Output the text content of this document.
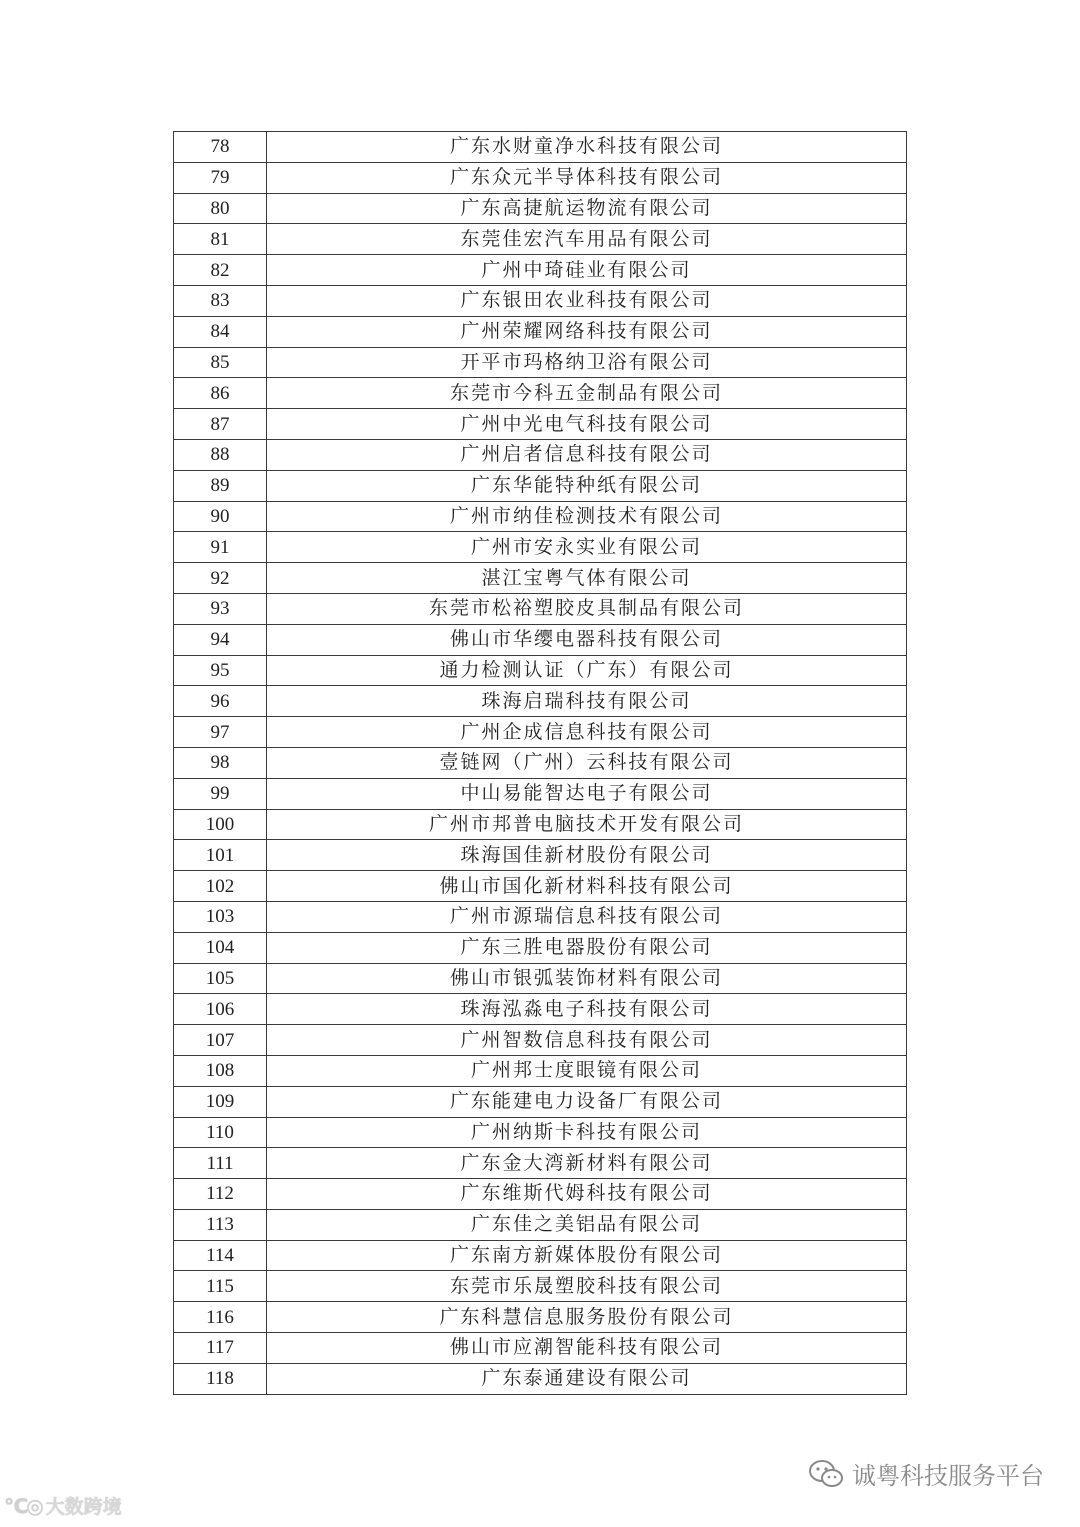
78	广东水财童净水科技有限公司
79	广东众元半导体科技有限公司
80	广东高捷航运物流有限公司
81	东莞佳宏汽车用品有限公司
82	广州中琦硅业有限公司
83	广东银田农业科技有限公司
84	广州荣耀网络科技有限公司
85	开平市玛格纳卫浴有限公司
86	东莞市今科五金制品有限公司
87	广州中光电气科技有限公司
88	广州启者信息科技有限公司
89	广东华能特种纸有限公司
90	广州市纳佳检测技术有限公司
91	广州市安永实业有限公司
92	湛江宝粤气体有限公司
93	东莞市松裕塑胶皮具制品有限公司
94	佛山市华缨电器科技有限公司
95	通力检测认证（广东）有限公司
96	珠海启瑞科技有限公司
97	广州企成信息科技有限公司
98	壹链网（广州）云科技有限公司
99	中山易能智达电子有限公司
100	广州市邦普电脑技术开发有限公司
101	珠海国佳新材股份有限公司
102	佛山市国化新材料科技有限公司
103	广州市源瑞信息科技有限公司
104	广东三胜电器股份有限公司
105	佛山市银弧装饰材料有限公司
106	珠海泓淼电子科技有限公司
107	广州智数信息科技有限公司
108	广州邦士度眼镜有限公司
109	广东能建电力设备厂有限公司
110	广州纳斯卡科技有限公司
111	广东金大湾新材料有限公司
112	广东维斯代姆科技有限公司
113	广东佳之美铝品有限公司
114	广东南方新媒体股份有限公司
115	东莞市乐晟塑胶科技有限公司
116	广东科慧信息服务股份有限公司
117	佛山市应潮智能科技有限公司
118	广东泰通建设有限公司
℃◎ 大数跨境
诚粤科技服务平台
